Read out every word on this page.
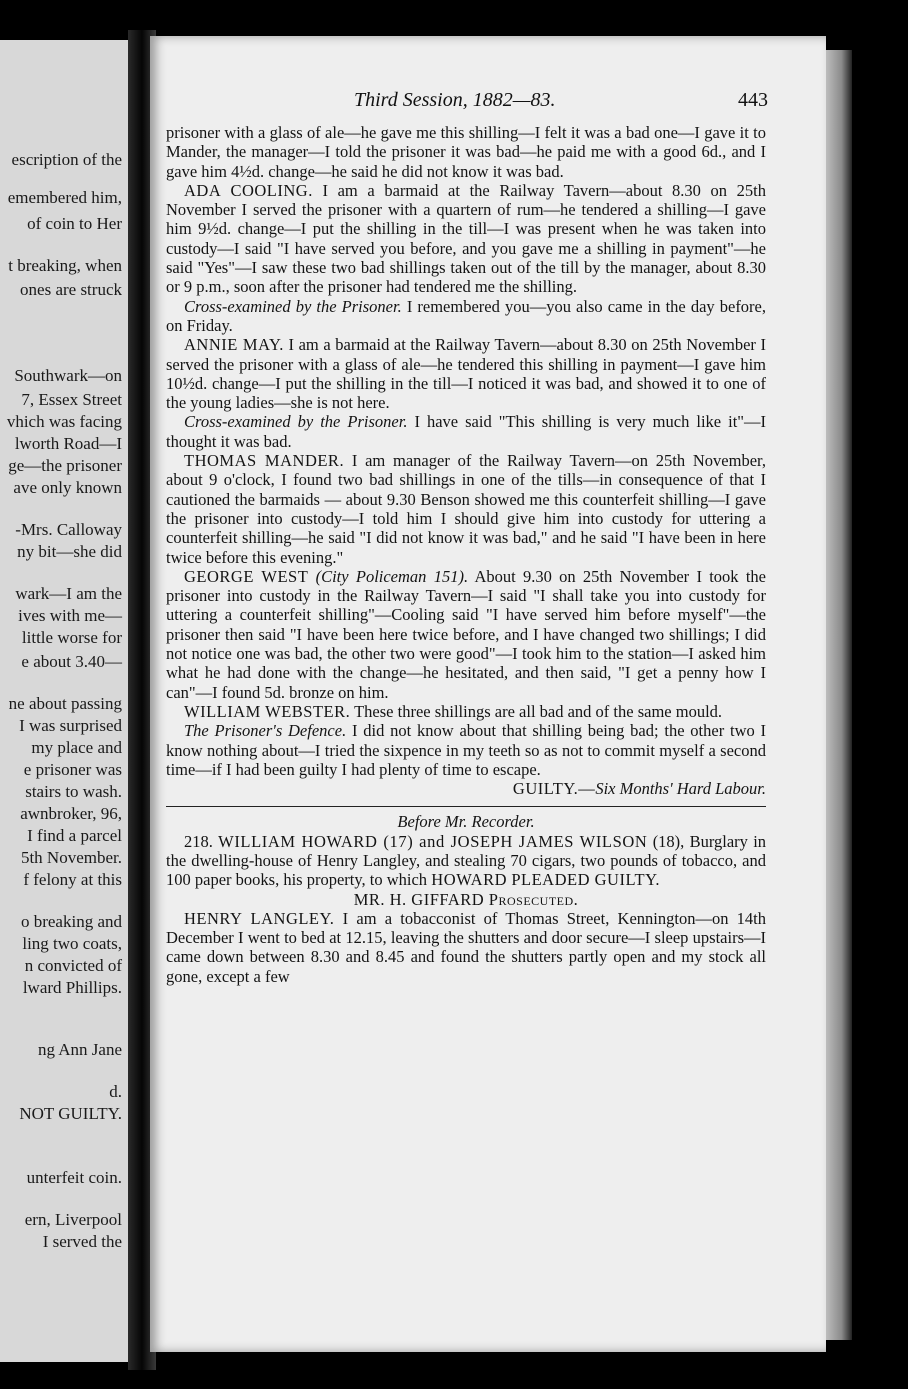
escription of the
emembered him,
of coin to Her
t breaking, when
ones are struck
Southwark—on
7, Essex Street
vhich was facing
lworth Road—I
ge—the prisoner
ave only known
-Mrs. Calloway
ny bit—she did
wark—I am the
ives with me—
little worse for
e about 3.40—
ne about passing
I was surprised
my place and
e prisoner was
stairs to wash.
awnbroker, 96,
I find a parcel
5th November.
f felony at this
o breaking and
ling two coats,
n convicted of
lward Phillips.
ng Ann Jane
d.
NOT GUILTY.
unterfeit coin.
ern, Liverpool
I served the
Third Session, 1882—83.	443

prisoner with a glass of ale—he gave me this shilling—I felt it was a bad one—I gave it to Mander, the manager—I told the prisoner it was bad—he paid me with a good 6d., and I gave him 4½d. change—he said he did not know it was bad.

ADA COOLING. I am a barmaid at the Railway Tavern—about 8.30 on 25th November I served the prisoner with a quartern of rum—he tendered a shilling—I gave him 9½d. change—I put the shilling in the till—I was present when he was taken into custody—I said "I have served you before, and you gave me a shilling in payment"—he said "Yes"—I saw these two bad shillings taken out of the till by the manager, about 8.30 or 9 p.m., soon after the prisoner had tendered me the shilling.

Cross-examined by the Prisoner. I remembered you—you also came in the day before, on Friday.

ANNIE MAY. I am a barmaid at the Railway Tavern—about 8.30 on 25th November I served the prisoner with a glass of ale—he tendered this shilling in payment—I gave him 10½d. change—I put the shilling in the till—I noticed it was bad, and showed it to one of the young ladies—she is not here.

Cross-examined by the Prisoner. I have said "This shilling is very much like it"—I thought it was bad.

THOMAS MANDER. I am manager of the Railway Tavern—on 25th November, about 9 o'clock, I found two bad shillings in one of the tills—in consequence of that I cautioned the barmaids — about 9.30 Benson showed me this counterfeit shilling—I gave the prisoner into custody—I told him I should give him into custody for uttering a counterfeit shilling—he said "I did not know it was bad," and he said "I have been in here twice before this evening."

GEORGE WEST (City Policeman 151). About 9.30 on 25th November I took the prisoner into custody in the Railway Tavern—I said "I shall take you into custody for uttering a counterfeit shilling"—Cooling said "I have served him before myself"—the prisoner then said "I have been here twice before, and I have changed two shillings; I did not notice one was bad, the other two were good"—I took him to the station—I asked him what he had done with the change—he hesitated, and then said, "I get a penny how I can"—I found 5d. bronze on him.

WILLIAM WEBSTER. These three shillings are all bad and of the same mould.

The Prisoner's Defence. I did not know about that shilling being bad; the other two I know nothing about—I tried the sixpence in my teeth so as not to commit myself a second time—if I had been guilty I had plenty of time to escape.

GUILTY.—Six Months' Hard Labour.

Before Mr. Recorder.

218. WILLIAM HOWARD (17) and JOSEPH JAMES WILSON (18), Burglary in the dwelling-house of Henry Langley, and stealing 70 cigars, two pounds of tobacco, and 100 paper books, his property, to which HOWARD PLEADED GUILTY.

MR. H. GIFFARD Prosecuted.

HENRY LANGLEY. I am a tobacconist of Thomas Street, Kennington—on 14th December I went to bed at 12.15, leaving the shutters and door secure—I sleep upstairs—I came down between 8.30 and 8.45 and found the shutters partly open and my stock all gone, except a few
